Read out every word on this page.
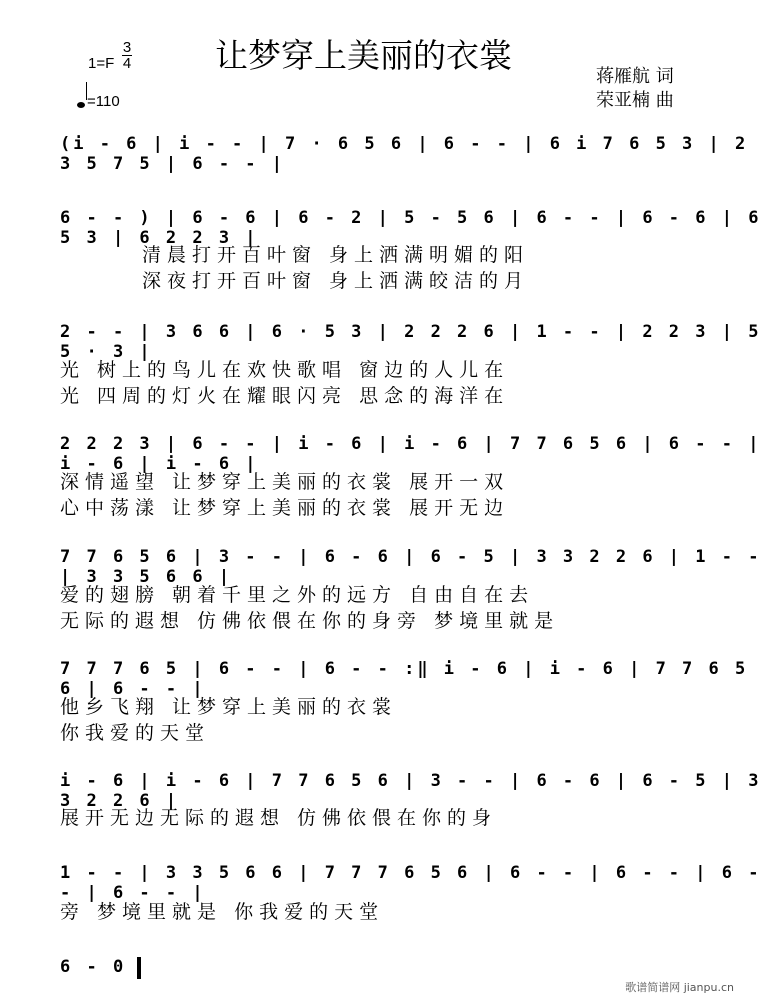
让梦穿上美丽的衣裳
1=F
3
4
=110
蒋雁航 词
荣亚楠 曲
(i - 6 | i - - | 7 · 6 5 6 | 6 - - | 6 i 7 6 5 3 | 2 3 5 7 5 | 6 - - |
6 - - ) | 6 - 6 | 6 - 2 | 5 - 5 6 | 6 - - | 6 - 6 | 6 5 3 | 6 2 2 3 |
2 - - | 3 6 6 | 6 · 5 3 | 2 2 2 6 | 1 - - | 2 2 3 | 5 5 · 3 |
2 2 2 3 | 6 - - | i - 6 | i - 6 | 7 7 6 5 6 | 6 - - | i - 6 | i - 6 |
7 7 6 5 6 | 3 - - | 6 - 6 | 6 - 5 | 3 3 2 2 6 | 1 - - | 3 3 5 6 6 |
7 7 7 6 5 | 6 - - | 6 - - :‖ i - 6 | i - 6 | 7 7 6 5 6 | 6 - - |
i - 6 | i - 6 | 7 7 6 5 6 | 3 - - | 6 - 6 | 6 - 5 | 3 3 2 2 6 |
1 - - | 3 3 5 6 6 | 7 7 7 6 5 6 | 6 - - | 6 - - | 6 - - | 6 - - |
6 - 0
清晨打开百叶窗 身上洒满明媚的阳
深夜打开百叶窗 身上洒满皎洁的月
光 树上的鸟儿在欢快歌唱 窗边的人儿在
光 四周的灯火在耀眼闪亮 思念的海洋在
深情遥望 让梦穿上美丽的衣裳 展开一双
心中荡漾 让梦穿上美丽的衣裳 展开无边
爱的翅膀 朝着千里之外的远方 自由自在去
无际的遐想 仿佛依偎在你的身旁 梦境里就是
他乡飞翔 让梦穿上美丽的衣裳
你我爱的天堂
展开无边无际的遐想 仿佛依偎在你的身
旁 梦境里就是 你我爱的天堂
歌谱简谱网 jianpu.cn
